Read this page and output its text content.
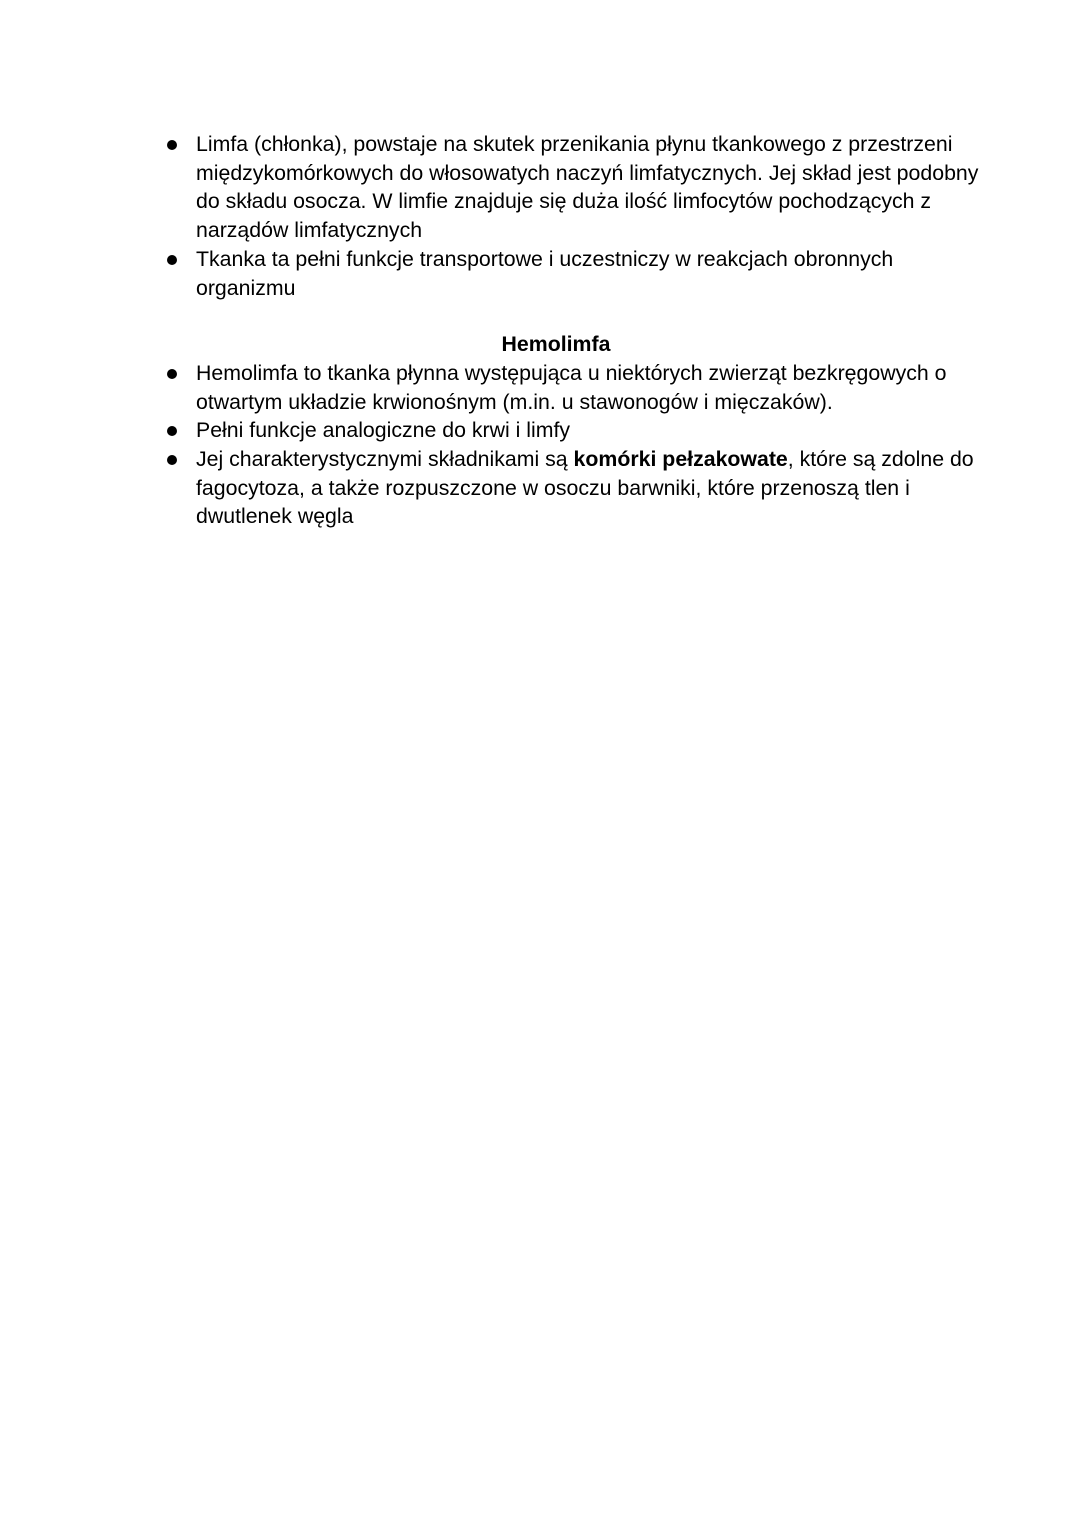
Limfa (chłonka), powstaje na skutek przenikania płynu tkankowego z przestrzeni międzykomórkowych do włosowatych naczyń limfatycznych. Jej skład jest podobny do składu osocza. W limfie znajduje się duża ilość limfocytów pochodzących z narządów limfatycznych
Tkanka ta pełni funkcje transportowe i uczestniczy w reakcjach obronnych organizmu
Hemolimfa
Hemolimfa to tkanka płynna występująca u niektórych zwierząt bezkręgowych o otwartym układzie krwionośnym (m.in. u stawonogów i mięczaków).
Pełni funkcje analogiczne do krwi i limfy
Jej charakterystycznymi składnikami są komórki pełzakowate, które są zdolne do fagocytoza, a także rozpuszczone w osoczu barwniki, które przenoszą tlen i dwutlenek węgla
